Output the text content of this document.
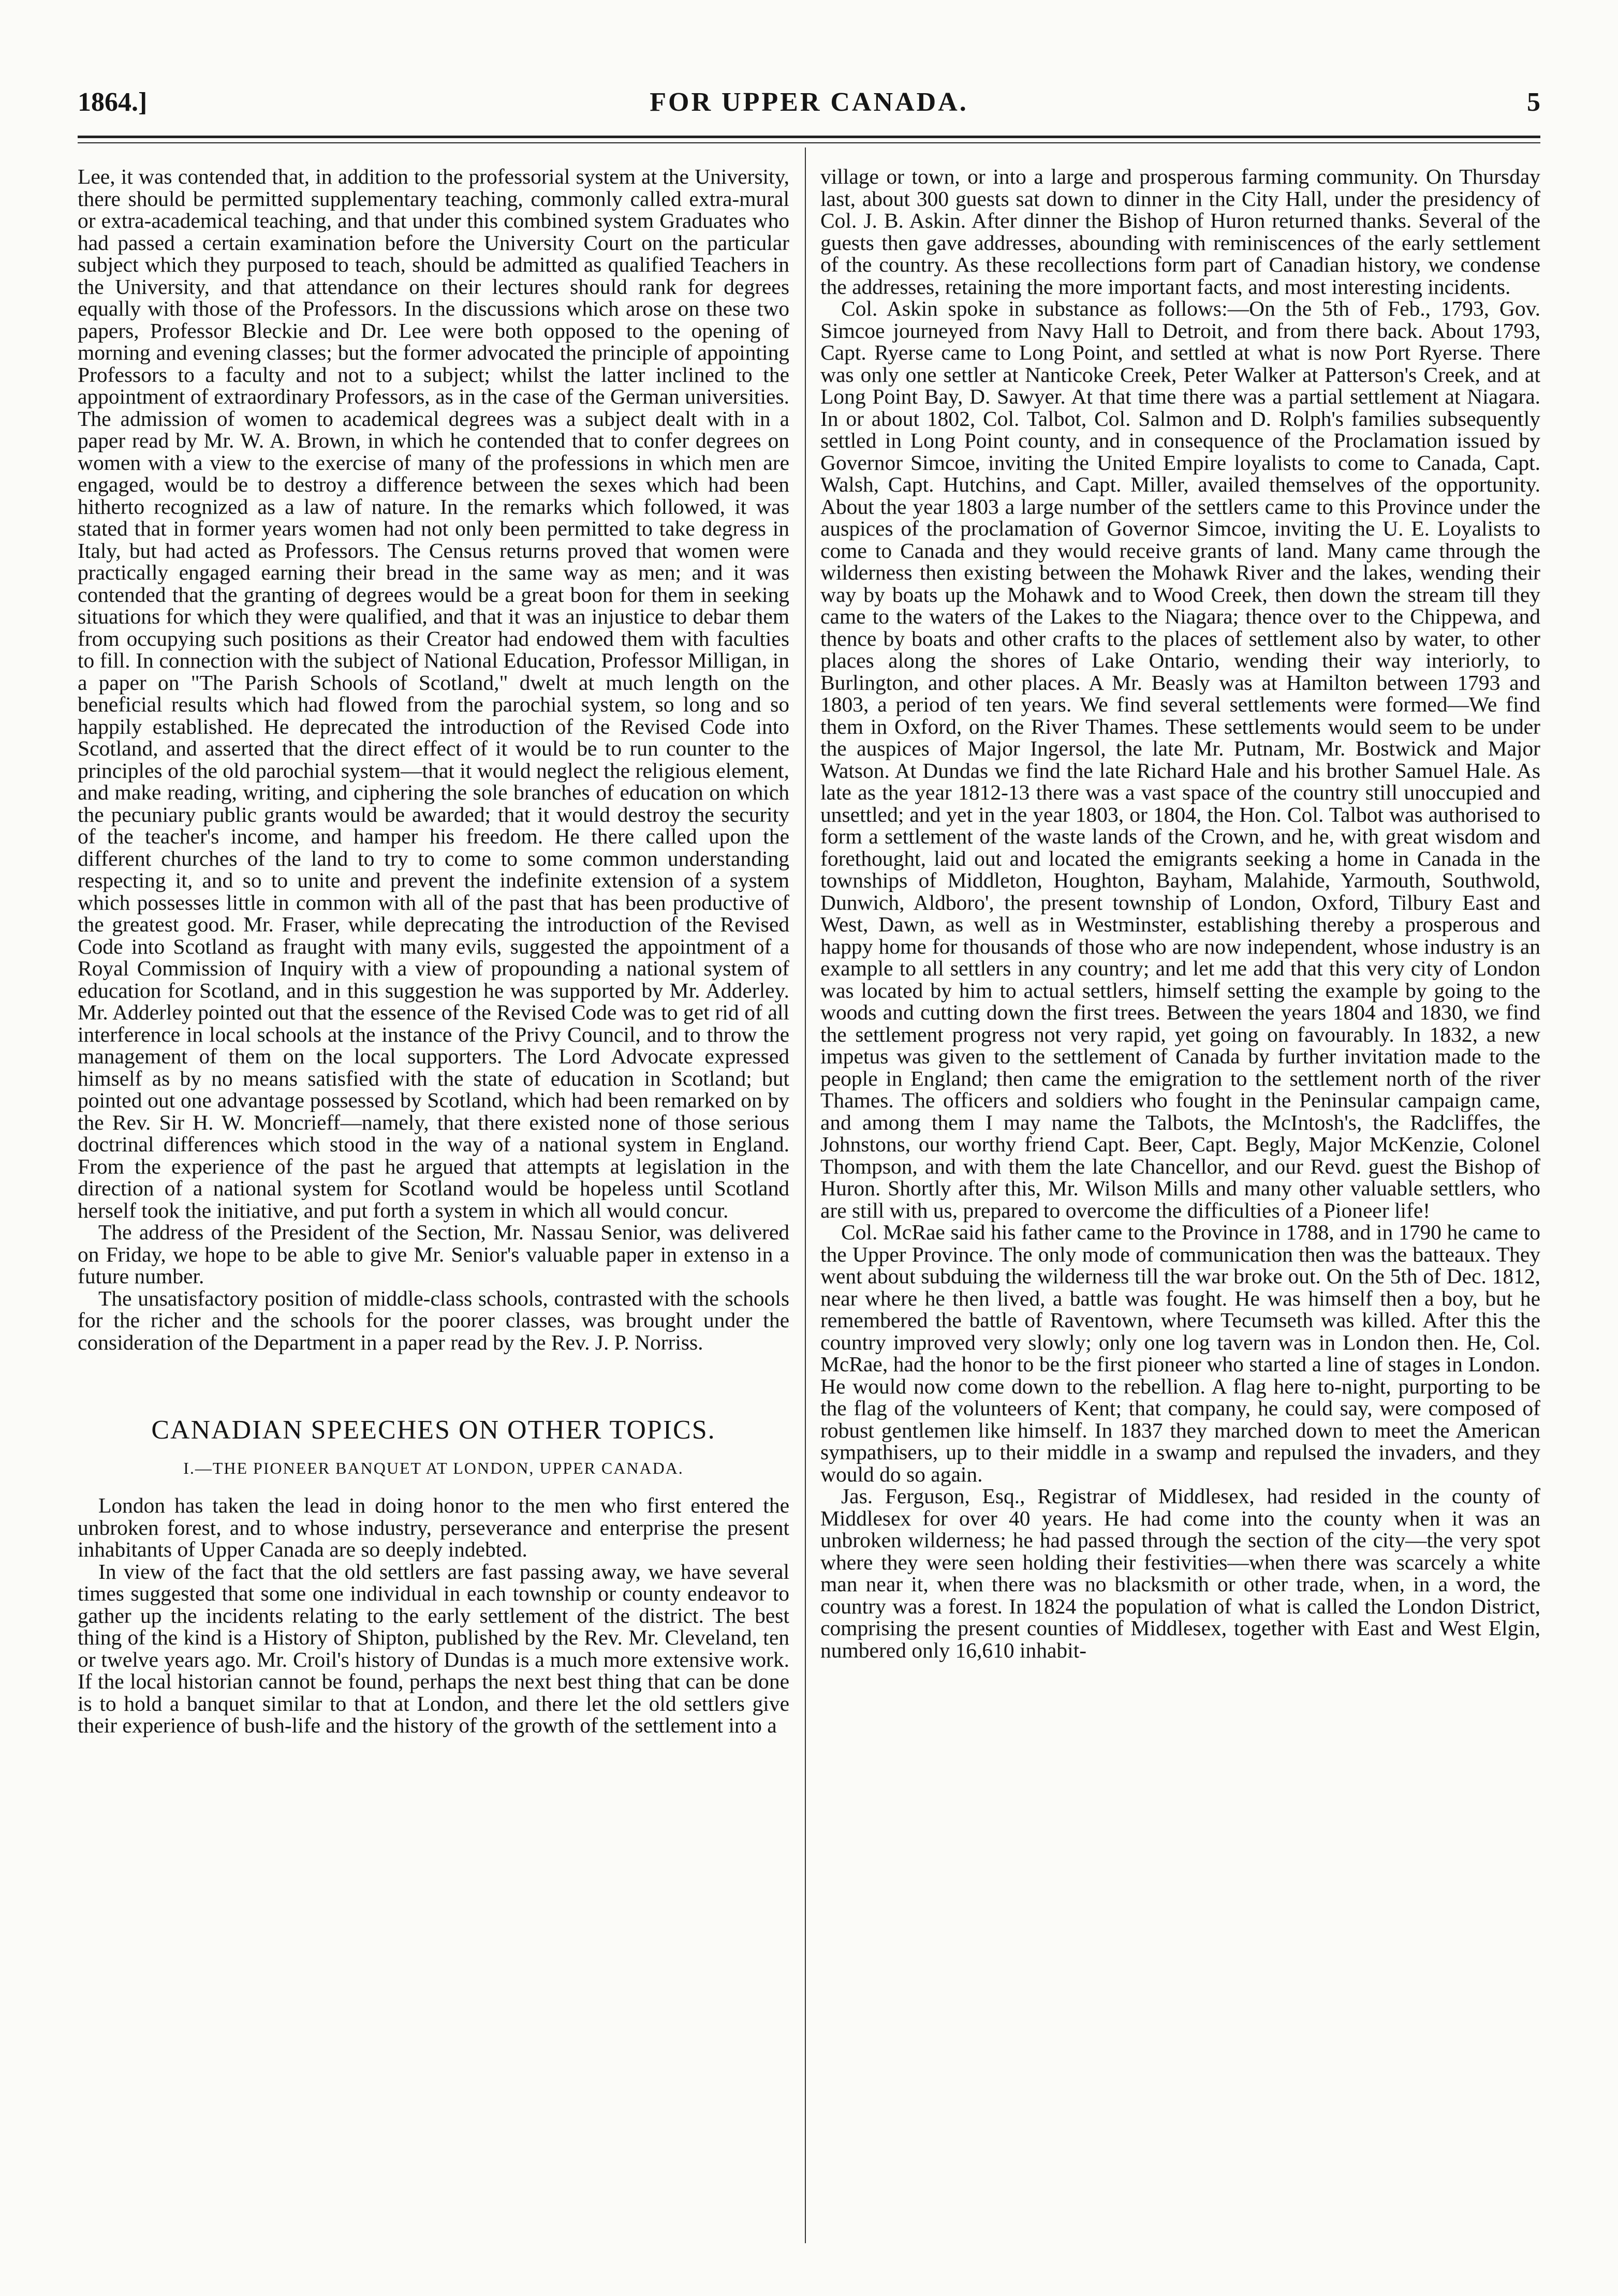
1864.]	FOR UPPER CANADA.	5

Lee, it was contended that, in addition to the professorial system at the University, there should be permitted supplementary teaching, commonly called extra-mural or extra-academical teaching, and that under this combined system Graduates who had passed a certain examination before the University Court on the particular subject which they purposed to teach, should be admitted as qualified Teachers in the University, and that attendance on their lectures should rank for degrees equally with those of the Professors. In the discussions which arose on these two papers, Professor Bleckie and Dr. Lee were both opposed to the opening of morning and evening classes; but the former advocated the principle of appointing Professors to a faculty and not to a subject; whilst the latter inclined to the appointment of extraordinary Professors, as in the case of the German universities. The admission of women to academical degrees was a subject dealt with in a paper read by Mr. W. A. Brown, in which he contended that to confer degrees on women with a view to the exercise of many of the professions in which men are engaged, would be to destroy a difference between the sexes which had been hitherto recognized as a law of nature. In the remarks which followed, it was stated that in former years women had not only been permitted to take degress in Italy, but had acted as Professors. The Census returns proved that women were practically engaged earning their bread in the same way as men; and it was contended that the granting of degrees would be a great boon for them in seeking situations for which they were qualified, and that it was an injustice to debar them from occupying such positions as their Creator had endowed them with faculties to fill. In connection with the subject of National Education, Professor Milligan, in a paper on "The Parish Schools of Scotland," dwelt at much length on the beneficial results which had flowed from the parochial system, so long and so happily established. He deprecated the introduction of the Revised Code into Scotland, and asserted that the direct effect of it would be to run counter to the principles of the old parochial system—that it would neglect the religious element, and make reading, writing, and ciphering the sole branches of education on which the pecuniary public grants would be awarded; that it would destroy the security of the teacher's income, and hamper his freedom. He there called upon the different churches of the land to try to come to some common understanding respecting it, and so to unite and prevent the indefinite extension of a system which possesses little in common with all of the past that has been productive of the greatest good. Mr. Fraser, while deprecating the introduction of the Revised Code into Scotland as fraught with many evils, suggested the appointment of a Royal Commission of Inquiry with a view of propounding a national system of education for Scotland, and in this suggestion he was supported by Mr. Adderley. Mr. Adderley pointed out that the essence of the Revised Code was to get rid of all interference in local schools at the instance of the Privy Council, and to throw the management of them on the local supporters. The Lord Advocate expressed himself as by no means satisfied with the state of education in Scotland; but pointed out one advantage possessed by Scotland, which had been remarked on by the Rev. Sir H. W. Moncrieff—namely, that there existed none of those serious doctrinal differences which stood in the way of a national system in England. From the experience of the past he argued that attempts at legislation in the direction of a national system for Scotland would be hopeless until Scotland herself took the initiative, and put forth a system in which all would concur.

The address of the President of the Section, Mr. Nassau Senior, was delivered on Friday, we hope to be able to give Mr. Senior's valuable paper in extenso in a future number.

The unsatisfactory position of middle-class schools, contrasted with the schools for the richer and the schools for the poorer classes, was brought under the consideration of the Department in a paper read by the Rev. J. P. Norriss.

CANADIAN SPEECHES ON OTHER TOPICS.
I.—THE PIONEER BANQUET AT LONDON, UPPER CANADA.

London has taken the lead in doing honor to the men who first entered the unbroken forest, and to whose industry, perseverance and enterprise the present inhabitants of Upper Canada are so deeply indebted.

In view of the fact that the old settlers are fast passing away, we have several times suggested that some one individual in each township or county endeavor to gather up the incidents relating to the early settlement of the district. The best thing of the kind is a History of Shipton, published by the Rev. Mr. Cleveland, ten or twelve years ago. Mr. Croil's history of Dundas is a much more extensive work. If the local historian cannot be found, perhaps the next best thing that can be done is to hold a banquet similar to that at London, and there let the old settlers give their experience of bush-life and the history of the growth of the settlement into a

village or town, or into a large and prosperous farming community. On Thursday last, about 300 guests sat down to dinner in the City Hall, under the presidency of Col. J. B. Askin. After dinner the Bishop of Huron returned thanks. Several of the guests then gave addresses, abounding with reminiscences of the early settlement of the country. As these recollections form part of Canadian history, we condense the addresses, retaining the more important facts, and most interesting incidents.

Col. Askin spoke in substance as follows:—On the 5th of Feb., 1793, Gov. Simcoe journeyed from Navy Hall to Detroit, and from there back. About 1793, Capt. Ryerse came to Long Point, and settled at what is now Port Ryerse. There was only one settler at Nanticoke Creek, Peter Walker at Patterson's Creek, and at Long Point Bay, D. Sawyer. At that time there was a partial settlement at Niagara. In or about 1802, Col. Talbot, Col. Salmon and D. Rolph's families subsequently settled in Long Point county, and in consequence of the Proclamation issued by Governor Simcoe, inviting the United Empire loyalists to come to Canada, Capt. Walsh, Capt. Hutchins, and Capt. Miller, availed themselves of the opportunity. About the year 1803 a large number of the settlers came to this Province under the auspices of the proclamation of Governor Simcoe, inviting the U. E. Loyalists to come to Canada and they would receive grants of land. Many came through the wilderness then existing between the Mohawk River and the lakes, wending their way by boats up the Mohawk and to Wood Creek, then down the stream till they came to the waters of the Lakes to the Niagara; thence over to the Chippewa, and thence by boats and other crafts to the places of settlement also by water, to other places along the shores of Lake Ontario, wending their way interiorly, to Burlington, and other places. A Mr. Beasly was at Hamilton between 1793 and 1803, a period of ten years. We find several settlements were formed—We find them in Oxford, on the River Thames. These settlements would seem to be under the auspices of Major Ingersol, the late Mr. Putnam, Mr. Bostwick and Major Watson. At Dundas we find the late Richard Hale and his brother Samuel Hale. As late as the year 1812-13 there was a vast space of the country still unoccupied and unsettled; and yet in the year 1803, or 1804, the Hon. Col. Talbot was authorised to form a settlement of the waste lands of the Crown, and he, with great wisdom and forethought, laid out and located the emigrants seeking a home in Canada in the townships of Middleton, Houghton, Bayham, Malahide, Yarmouth, Southwold, Dunwich, Aldboro', the present township of London, Oxford, Tilbury East and West, Dawn, as well as in Westminster, establishing thereby a prosperous and happy home for thousands of those who are now independent, whose industry is an example to all settlers in any country; and let me add that this very city of London was located by him to actual settlers, himself setting the example by going to the woods and cutting down the first trees. Between the years 1804 and 1830, we find the settlement progress not very rapid, yet going on favourably. In 1832, a new impetus was given to the settlement of Canada by further invitation made to the people in England; then came the emigration to the settlement north of the river Thames. The officers and soldiers who fought in the Peninsular campaign came, and among them I may name the Talbots, the McIntosh's, the Radcliffes, the Johnstons, our worthy friend Capt. Beer, Capt. Begly, Major McKenzie, Colonel Thompson, and with them the late Chancellor, and our Revd. guest the Bishop of Huron. Shortly after this, Mr. Wilson Mills and many other valuable settlers, who are still with us, prepared to overcome the difficulties of a Pioneer life!

Col. McRae said his father came to the Province in 1788, and in 1790 he came to the Upper Province. The only mode of communication then was the batteaux. They went about subduing the wilderness till the war broke out. On the 5th of Dec. 1812, near where he then lived, a battle was fought. He was himself then a boy, but he remembered the battle of Raventown, where Tecumseth was killed. After this the country improved very slowly; only one log tavern was in London then. He, Col. McRae, had the honor to be the first pioneer who started a line of stages in London. He would now come down to the rebellion. A flag here to-night, purporting to be the flag of the volunteers of Kent; that company, he could say, were composed of robust gentlemen like himself. In 1837 they marched down to meet the American sympathisers, up to their middle in a swamp and repulsed the invaders, and they would do so again.

Jas. Ferguson, Esq., Registrar of Middlesex, had resided in the county of Middlesex for over 40 years. He had come into the county when it was an unbroken wilderness; he had passed through the section of the city—the very spot where they were seen holding their festivities—when there was scarcely a white man near it, when there was no blacksmith or other trade, when, in a word, the country was a forest. In 1824 the population of what is called the London District, comprising the present counties of Middlesex, together with East and West Elgin, numbered only 16,610 inhabit-
